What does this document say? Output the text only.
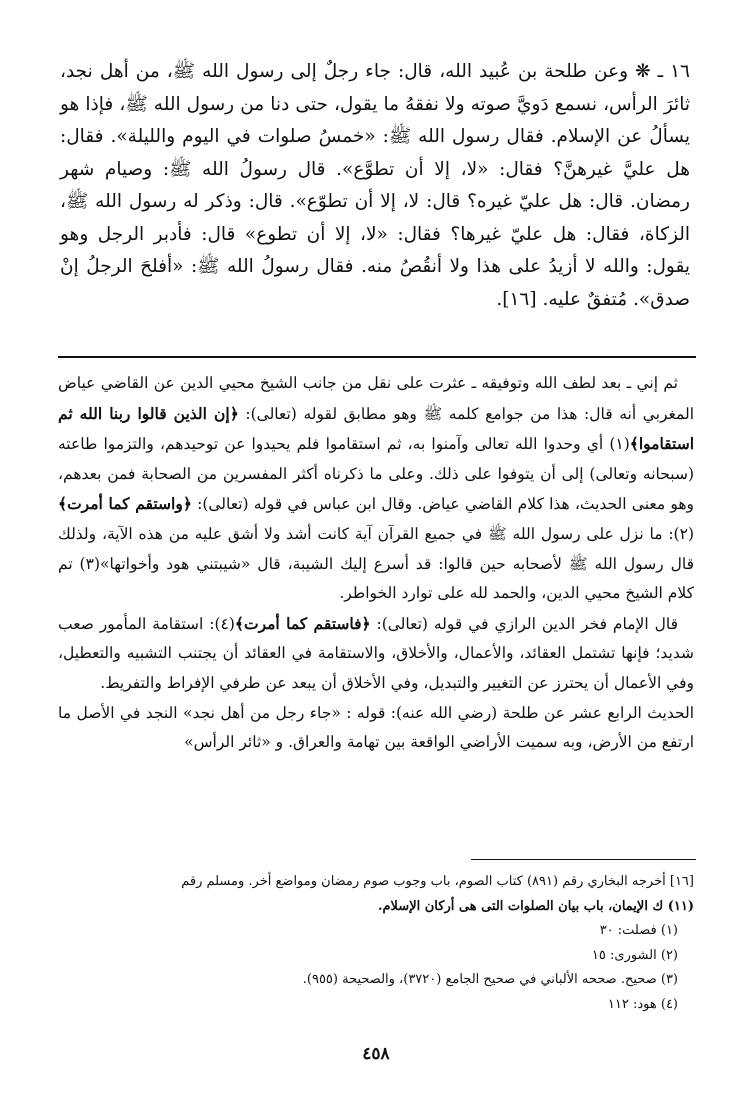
١٦ ـ ❋ وعن طلحة بن عُبيد الله، قال: جاء رجلٌ إلى رسول الله ﷺ، من أهل نجد، ثائرَ الرأس، نسمع دَويَّ صوته ولا نفقهُ ما يقول، حتى دنا من رسول الله ﷺ، فإذا هو يسألُ عن الإسلام. فقال رسول الله ﷺ: «خمسُ صلوات في اليوم والليلة». فقال: هل عليَّ غيرهنَّ؟ فقال: «لا، إلا أن تطوَّع». قال رسولُ الله ﷺ: وصيام شهر رمضان. قال: هل عليّ غيره؟ قال: لا، إلا أن تطوّع». قال: وذكر له رسول الله ﷺ، الزكاة، فقال: هل عليّ غيرها؟ فقال: «لا، إلا أن تطوع» قال: فأدبر الرجل وهو يقول: والله لا أزيدُ على هذا ولا أنقُصُ منه. فقال رسولُ الله ﷺ: «أفلحَ الرجلُ إنْ صدق». مُتفقٌ عليه. [١٦].

ثم إني ـ بعد لطف الله وتوفيقه ـ عثرت على نقل من جانب الشيخ محيي الدين عن القاضي عياض المغربي أنه قال: هذا من جوامع كلمه ﷺ وهو مطابق لقوله (تعالى): ﴿إن الذين قالوا ربنا الله ثم استقاموا﴾(١) أي وحدوا الله تعالى وآمنوا به، ثم استقاموا فلم يحيدوا عن توحيدهم، والتزموا طاعته (سبحانه وتعالى) إلى أن يتوفوا على ذلك. وعلى ما ذكرناه أكثر المفسرين من الصحابة فمن بعدهم، وهو معنى الحديث، هذا كلام القاضي عياض. وقال ابن عباس في قوله (تعالى): ﴿واستقم كما أمرت﴾(٢): ما نزل على رسول الله ﷺ في جميع القرآن آية كانت أشد ولا أشق عليه من هذه الآية، ولذلك قال رسول الله ﷺ لأصحابه حين قالوا: قد أسرع إليك الشيبة، قال «شيبتني هود وأخواتها»(٣) تم كلام الشيخ محيي الدين، والحمد لله على توارد الخواطر.

قال الإمام فخر الدين الرازي في قوله (تعالى): ﴿فاستقم كما أمرت﴾(٤): استقامة المأمور صعب شديد؛ فإنها تشتمل العقائد، والأعمال، والأخلاق، والاستقامة في العقائد أن يجتنب التشبيه والتعطيل، وفي الأعمال أن يحترز عن التغيير والتبديل، وفي الأخلاق أن يبعد عن طرفي الإفراط والتفريط.

الحديث الرابع عشر عن طلحة (رضي الله عنه): قوله : «جاء رجل من أهل نجد» النجد في الأصل ما ارتفع من الأرض، وبه سميت الأراضي الواقعة بين تهامة والعراق. و «ثائر الرأس»

[١٦] أخرجه البخاري رقم (٨٩١) كتاب الصوم، باب وجوب صوم رمضان ومواضع أخر. ومسلم رقم

(١١) ك الإيمان، باب بيان الصلوات التى هى أركان الإسلام.

(١) فصلت: ٣٠

(٢) الشورى: ١٥

(٣) صحيح. صححه الألباني في صحيح الجامع (٣٧٢٠)، والصحيحة (٩٥٥).

(٤) هود: ١١٢

٤٥٨
